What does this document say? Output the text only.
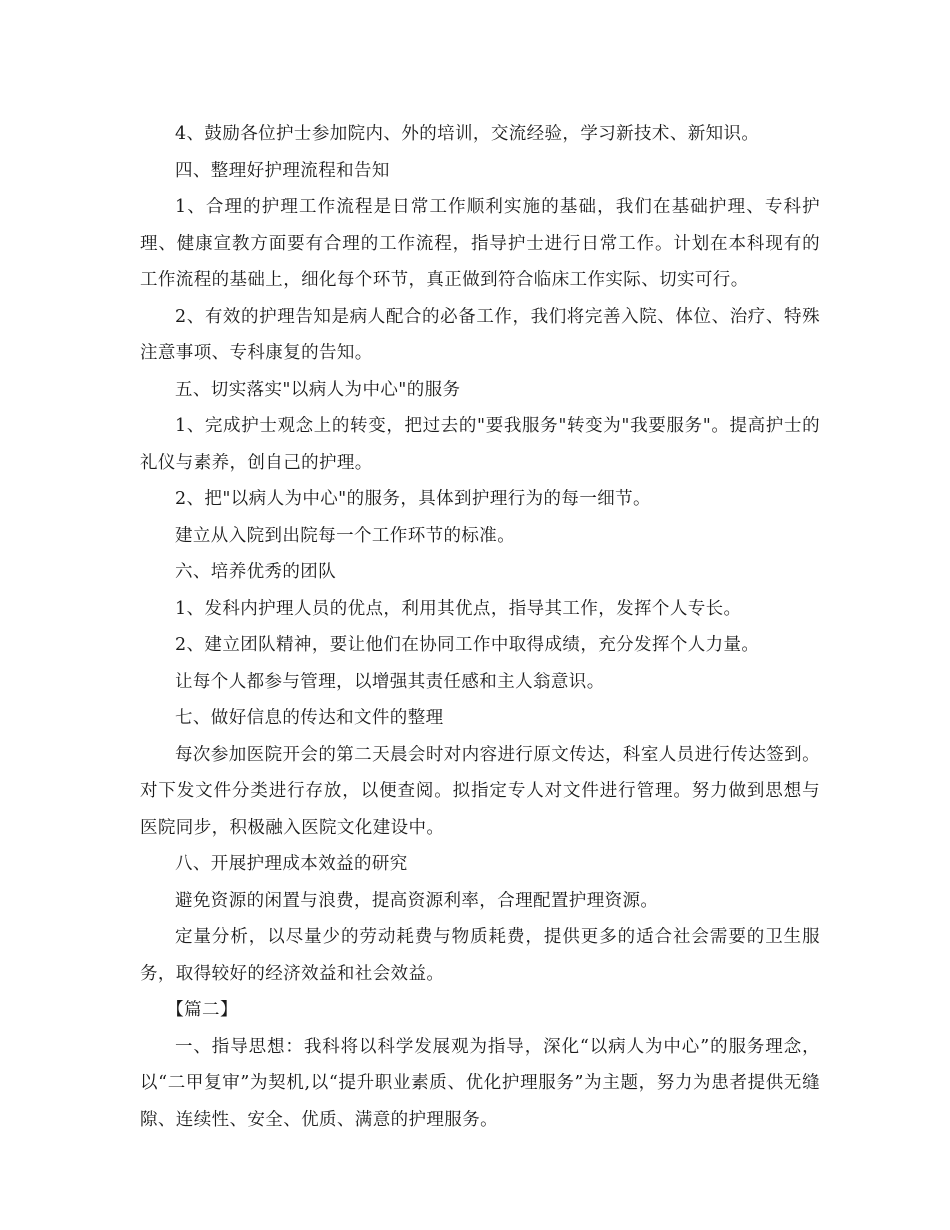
4、鼓励各位护士参加院内、外的培训，交流经验，学习新技术、新知识。

四、整理好护理流程和告知

1、合理的护理工作流程是日常工作顺利实施的基础，我们在基础护理、专科护理、健康宣教方面要有合理的工作流程，指导护士进行日常工作。计划在本科现有的工作流程的基础上，细化每个环节，真正做到符合临床工作实际、切实可行。

2、有效的护理告知是病人配合的必备工作，我们将完善入院、体位、治疗、特殊注意事项、专科康复的告知。

五、切实落实"以病人为中心"的服务

1、完成护士观念上的转变，把过去的"要我服务"转变为"我要服务"。提高护士的礼仪与素养，创自己的护理。

2、把"以病人为中心"的服务，具体到护理行为的每一细节。

建立从入院到出院每一个工作环节的标准。

六、培养优秀的团队

1、发科内护理人员的优点，利用其优点，指导其工作，发挥个人专长。

2、建立团队精神，要让他们在协同工作中取得成绩，充分发挥个人力量。

让每个人都参与管理，以增强其责任感和主人翁意识。

七、做好信息的传达和文件的整理

每次参加医院开会的第二天晨会时对内容进行原文传达，科室人员进行传达签到。对下发文件分类进行存放，以便查阅。拟指定专人对文件进行管理。努力做到思想与医院同步，积极融入医院文化建设中。

八、开展护理成本效益的研究

避免资源的闲置与浪费，提高资源利率，合理配置护理资源。

定量分析，以尽量少的劳动耗费与物质耗费，提供更多的适合社会需要的卫生服务，取得较好的经济效益和社会效益。

【篇二】

一、指导思想：我科将以科学发展观为指导，深化“以病人为中心”的服务理念，以“二甲复审”为契机,以“提升职业素质、优化护理服务”为主题，努力为患者提供无缝隙、连续性、安全、优质、满意的护理服务。
